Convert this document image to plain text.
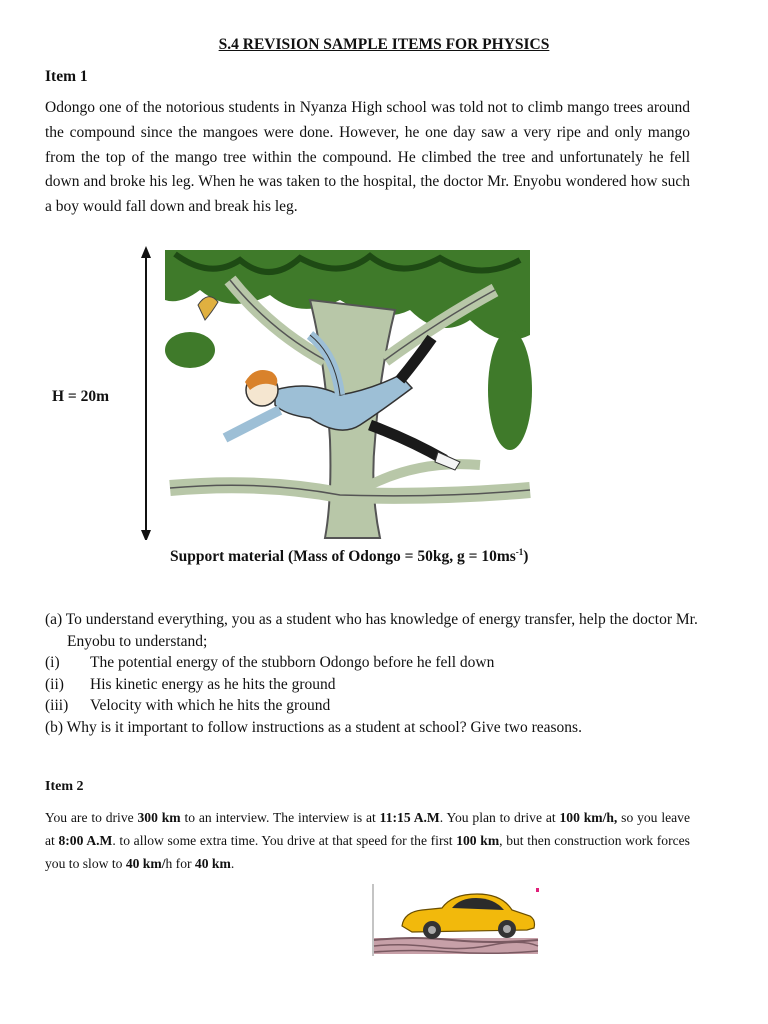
S.4 REVISION SAMPLE ITEMS FOR PHYSICS
Item 1
Odongo one of the notorious students in Nyanza High school was told not to climb mango trees around the compound since the mangoes were done. However, he one day saw a very ripe and only mango from the top of the mango tree within the compound. He climbed the tree and unfortunately he fell down and broke his leg. When he was taken to the hospital, the doctor Mr. Enyobu wondered how such a boy would fall down and break his leg.
H = 20m
Support material (Mass of Odongo = 50kg, $g = 10ms^{-1}$)
(a) To understand everything, you as a student who has knowledge of energy transfer, help the doctor Mr. Enyobu to understand;
(i) The potential energy of the stubborn Odongo before he fell down
(ii) His kinetic energy as he hits the ground
(iii) Velocity with which he hits the ground
(b) Why is it important to follow instructions as a student at school? Give two reasons.
Item 2
You are to drive 300 km to an interview. The interview is at 11:15 A.M. You plan to drive at 100 km/h, so you leave at 8:00 A.M. to allow some extra time. You drive at that speed for the first 100 km, but then construction work forces you to slow to 40 km/h for 40 km.
